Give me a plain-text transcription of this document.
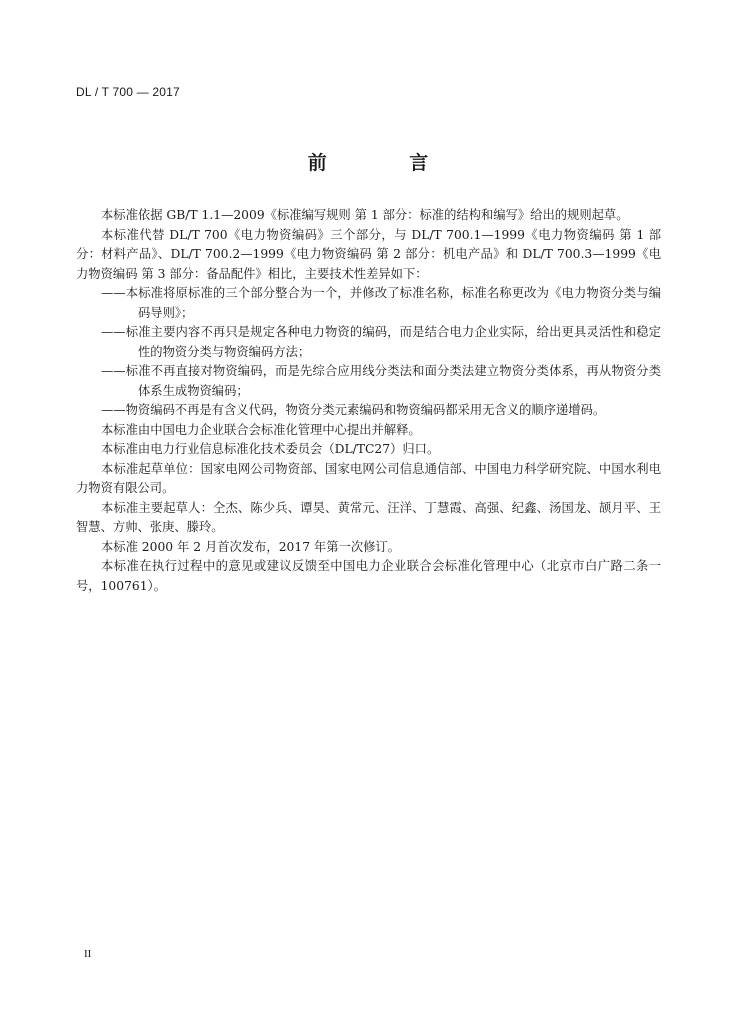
DL / T 700 — 2017
前 言

本标准依据 GB/T 1.1—2009《标准编写规则 第 1 部分：标准的结构和编写》给出的规则起草。

本标准代替 DL/T 700《电力物资编码》三个部分，与 DL/T 700.1—1999《电力物资编码 第 1 部分：材料产品》、DL/T 700.2—1999《电力物资编码 第 2 部分：机电产品》和 DL/T 700.3—1999《电力物资编码 第 3 部分：备品配件》相比，主要技术性差异如下：

——本标准将原标准的三个部分整合为一个，并修改了标准名称，标准名称更改为《电力物资分类与编码导则》；

——标准主要内容不再只是规定各种电力物资的编码，而是结合电力企业实际，给出更具灵活性和稳定性的物资分类与物资编码方法；

——标准不再直接对物资编码，而是先综合应用线分类法和面分类法建立物资分类体系，再从物资分类体系生成物资编码；

——物资编码不再是有含义代码，物资分类元素编码和物资编码都采用无含义的顺序递增码。

本标准由中国电力企业联合会标准化管理中心提出并解释。

本标准由电力行业信息标准化技术委员会（DL/TC27）归口。

本标准起草单位：国家电网公司物资部、国家电网公司信息通信部、中国电力科学研究院、中国水利电力物资有限公司。

本标准主要起草人：仝杰、陈少兵、谭昊、黄常元、汪洋、丁慧霞、高强、纪鑫、汤国龙、颉月平、王智慧、方帅、张庚、滕玲。

本标准 2000 年 2 月首次发布，2017 年第一次修订。

本标准在执行过程中的意见或建议反馈至中国电力企业联合会标准化管理中心（北京市白广路二条一号，100761）。

II
